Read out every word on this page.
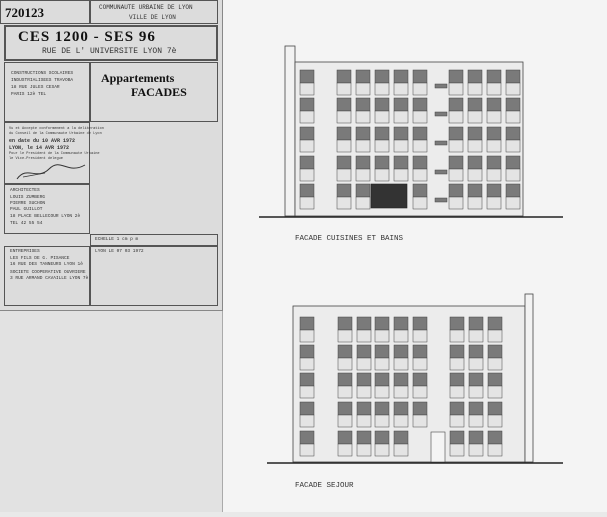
720123	COMMUNAUTE URBAINE DE LYON
VILLE DE LYON
CES 1200 - SES 96
RUE DE L' UNIVERSITE LYON 7è
CONSTRUCTIONS SCOLAIRES
INDUSTRIALISEES TRAVOBA
18 RUE JULES CESAR
PARIS 12è TEL
Appartements
FACADES
Vu et Accepte conformement a la deliberation
du Conseil de la Communaute Urbaine de Lyon
en date du 10 AVR 1972
LYON, le 14 AVR 1972
Pour le President de la Communaute Urbaine
le Vice-President delegue
ARCHITECTES
LOUIS ZUMBERG
PIERRE SUCHON
PAUL GUILLOT
18 PLACE BELLECOUR LYON 2è
TEL 42 55 54
ECHELLE 1 cm p m
LYON LE 07 03 1972
ENTREPRISES
LES FILS DE G. PISANCE
16 RUE DES TANNEURS LYON 1è
SOCIETE COOPERATIVE OUVRIERE
3 RUE ARMAND CAVAILLE LYON 7è
FACADE CUISINES ET BAINS
FACADE SEJOUR
